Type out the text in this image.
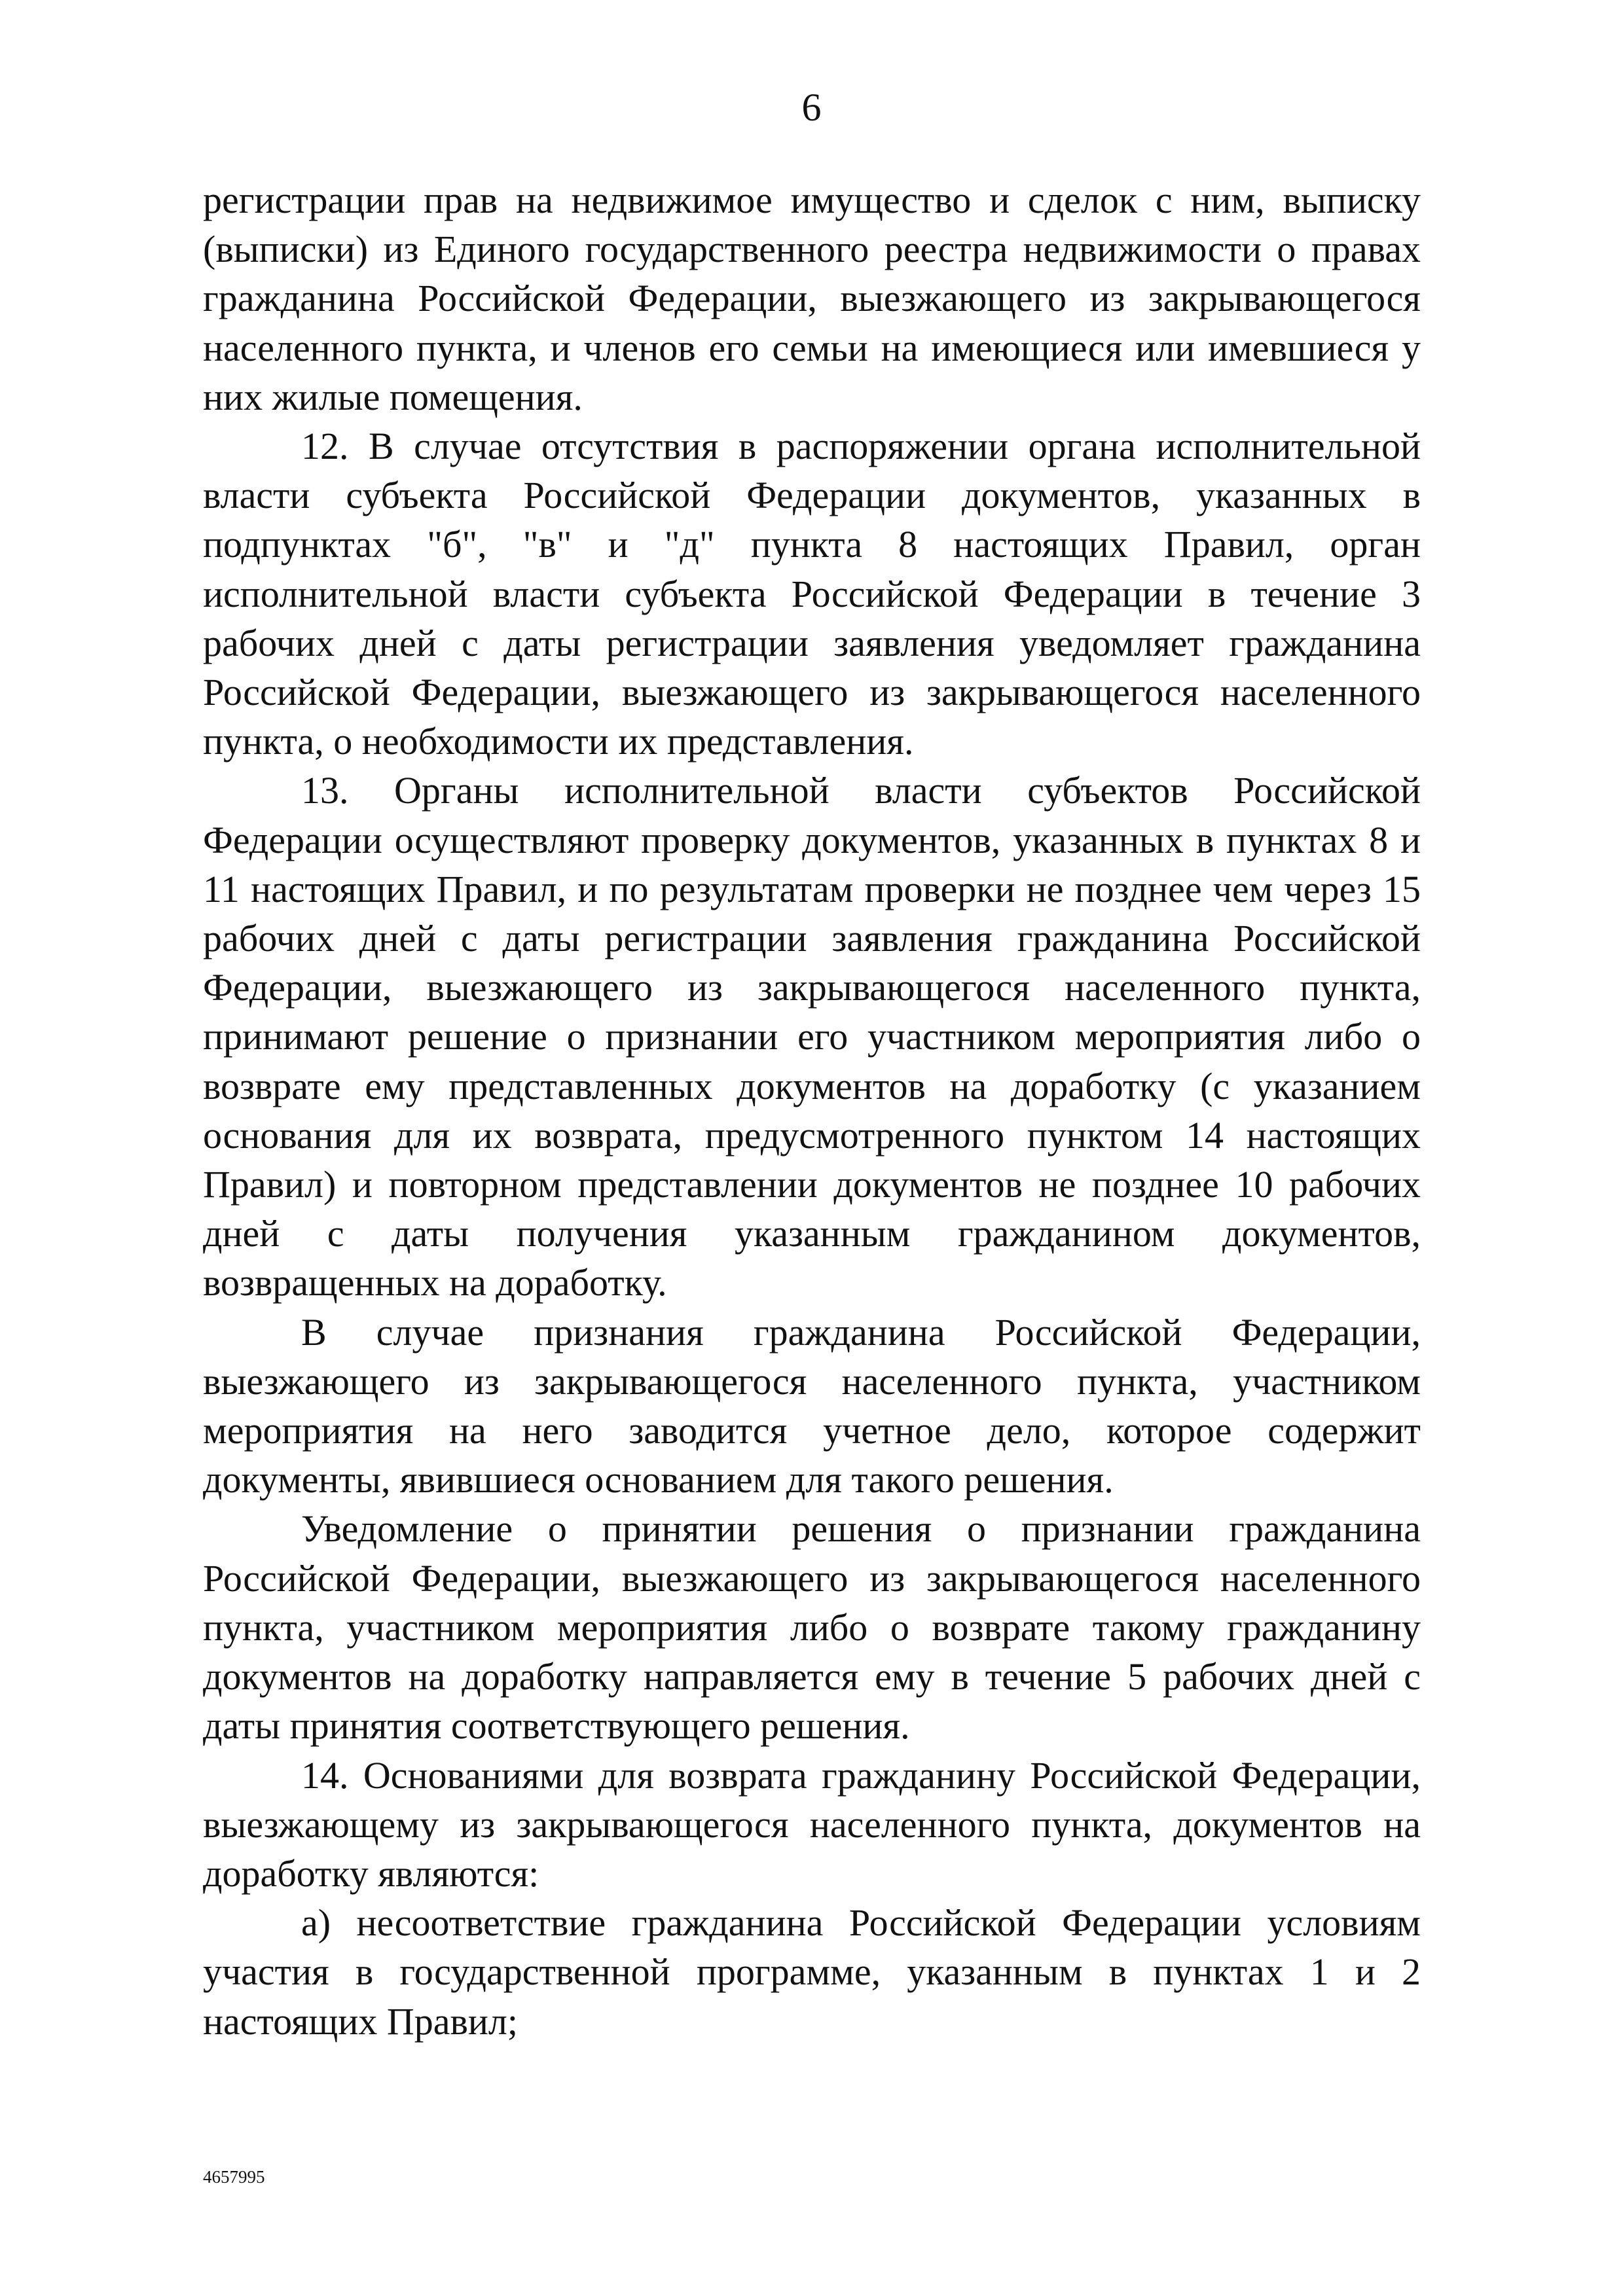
6

регистрации прав на недвижимое имущество и сделок с ним, выписку (выписки) из Единого государственного реестра недвижимости о правах гражданина Российской Федерации, выезжающего из закрывающегося населенного пункта, и членов его семьи на имеющиеся или имевшиеся у них жилые помещения.

12. В случае отсутствия в распоряжении органа исполнительной власти субъекта Российской Федерации документов, указанных в подпунктах "б", "в" и "д" пункта 8 настоящих Правил, орган исполнительной власти субъекта Российской Федерации в течение 3 рабочих дней с даты регистрации заявления уведомляет гражданина Российской Федерации, выезжающего из закрывающегося населенного пункта, о необходимости их представления.

13. Органы исполнительной власти субъектов Российской Федерации осуществляют проверку документов, указанных в пунктах 8 и 11 настоящих Правил, и по результатам проверки не позднее чем через 15 рабочих дней с даты регистрации заявления гражданина Российской Федерации, выезжающего из закрывающегося населенного пункта, принимают решение о признании его участником мероприятия либо о возврате ему представленных документов на доработку (с указанием основания для их возврата, предусмотренного пунктом 14 настоящих Правил) и повторном представлении документов не позднее 10 рабочих дней с даты получения указанным гражданином документов, возвращенных на доработку.

В случае признания гражданина Российской Федерации, выезжающего из закрывающегося населенного пункта, участником мероприятия на него заводится учетное дело, которое содержит документы, явившиеся основанием для такого решения.

Уведомление о принятии решения о признании гражданина Российской Федерации, выезжающего из закрывающегося населенного пункта, участником мероприятия либо о возврате такому гражданину документов на доработку направляется ему в течение 5 рабочих дней с даты принятия соответствующего решения.

14. Основаниями для возврата гражданину Российской Федерации, выезжающему из закрывающегося населенного пункта, документов на доработку являются:

а) несоответствие гражданина Российской Федерации условиям участия в государственной программе, указанным в пунктах 1 и 2 настоящих Правил;

4657995
